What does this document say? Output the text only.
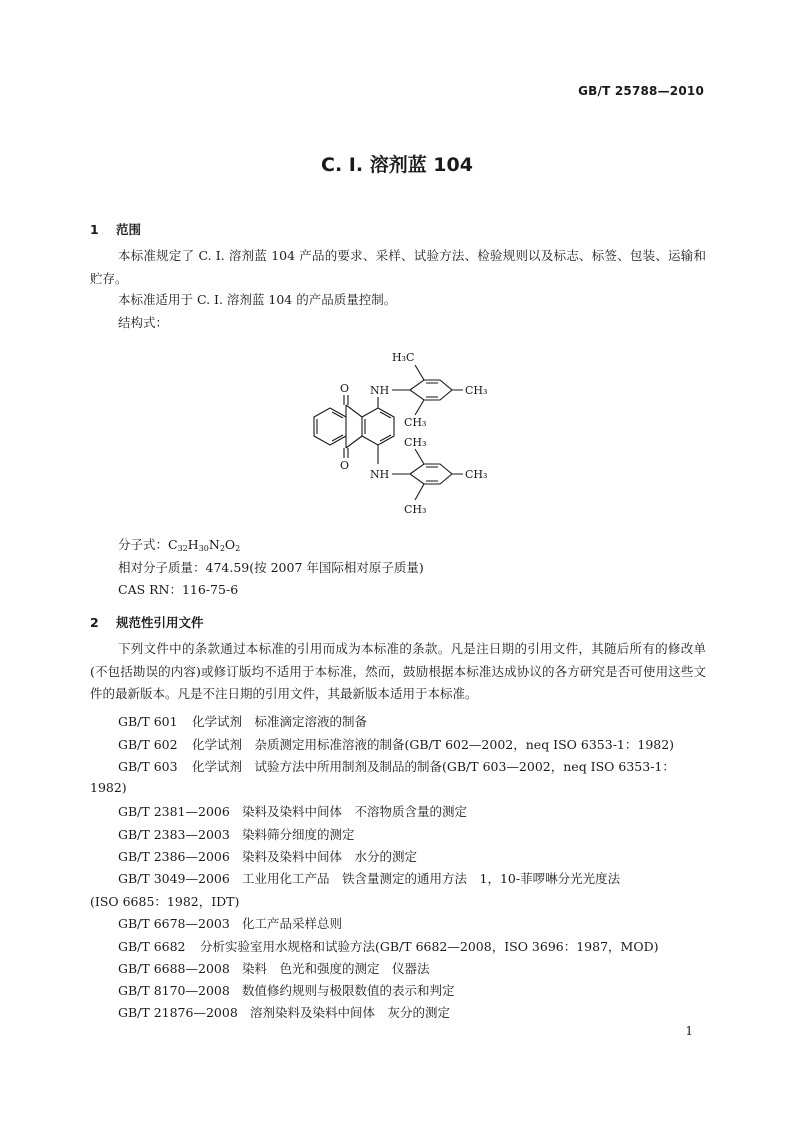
GB/T 25788—2010
C. I. 溶剂蓝 104
1 范围
本标准规定了 C. I. 溶剂蓝 104 产品的要求、采样、试验方法、检验规则以及标志、标签、包装、运输和贮存。
本标准适用于 C. I. 溶剂蓝 104 的产品质量控制。
结构式：
O
O
NH
NH
H₃C
CH₃
CH₃
CH₃
CH₃
CH₃
分子式：$C_{32}H_{30}N_2O_2$
相对分子质量：474.59(按 2007 年国际相对原子质量)
CAS RN：116-75-6
2 规范性引用文件
下列文件中的条款通过本标准的引用而成为本标准的条款。凡是注日期的引用文件，其随后所有的修改单(不包括勘误的内容)或修订版均不适用于本标准，然而，鼓励根据本标准达成协议的各方研究是否可使用这些文件的最新版本。凡是不注日期的引用文件，其最新版本适用于本标准。
GB/T 601 化学试剂　标准滴定溶液的制备
GB/T 602 化学试剂　杂质测定用标准溶液的制备(GB/T 602—2002，neq ISO 6353-1：1982)
GB/T 603 化学试剂　试验方法中所用制剂及制品的制备(GB/T 603—2002，neq ISO 6353-1：
1982)
GB/T 2381—2006 染料及染料中间体　不溶物质含量的测定
GB/T 2383—2003 染料筛分细度的测定
GB/T 2386—2006 染料及染料中间体　水分的测定
GB/T 3049—2006 工业用化工产品　铁含量测定的通用方法　1，10-菲啰啉分光光度法
(ISO 6685：1982，IDT)
GB/T 6678—2003 化工产品采样总则
GB/T 6682 分析实验室用水规格和试验方法(GB/T 6682—2008，ISO 3696：1987，MOD)
GB/T 6688—2008 染料　色光和强度的测定　仪器法
GB/T 8170—2008 数值修约规则与极限数值的表示和判定
GB/T 21876—2008 溶剂染料及染料中间体　灰分的测定
1
